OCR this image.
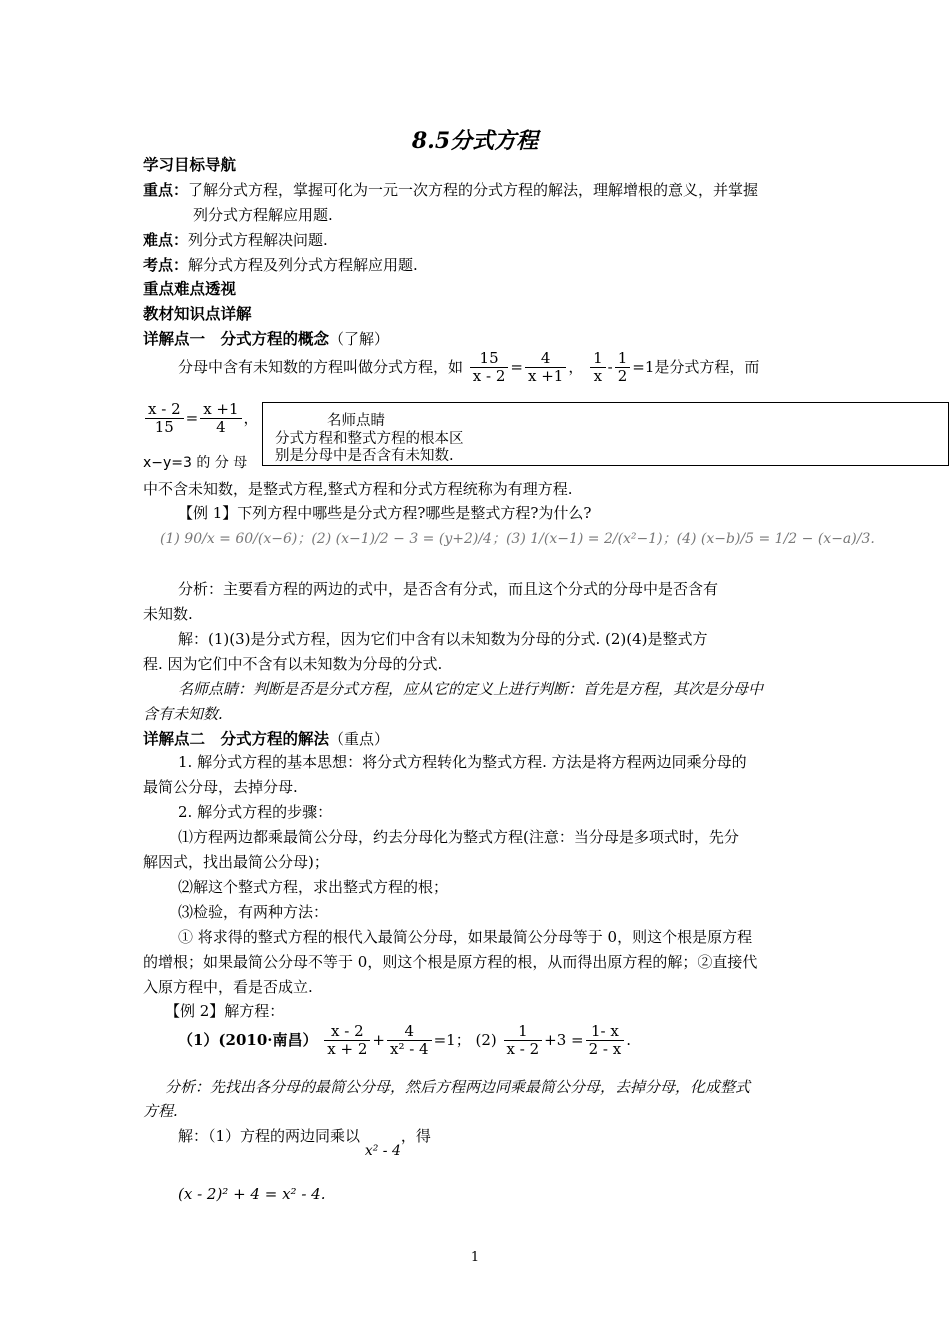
8.5分式方程
学习目标导航
重点：了解分式方程，掌握可化为一元一次方程的分式方程的解法，理解增根的意义，并掌握
列分式方程解应用题.
难点：列分式方程解决问题.
考点：解分式方程及列分式方程解应用题.
重点难点透视
教材知识点详解
详解点一　分式方程的概念（了解）
分母中含有未知数的方程叫做分式方程，如 $\frac{15}{x - 2} = \frac{4}{x +1}$ ， $\frac{1}{x} - \frac{1}{2} =1$是分式方程，而
$\frac{x - 2}{15} = \frac{x +1}{4}$ ，
x−y=3 的 分 母
名师点睛
分式方程和整式方程的根本区
别是分母中是否含有未知数.
中不含未知数，是整式方程,整式方程和分式方程统称为有理方程.
【例 1】下列方程中哪些是分式方程?哪些是整式方程?为什么?
(1) 90/x = 60/(x−6)；(2) (x−1)/2 − 3 = (y+2)/4；(3) 1/(x−1) = 2/(x²−1)；(4) (x−b)/5 = 1/2 − (x−a)/3.
分析：主要看方程的两边的式中，是否含有分式，而且这个分式的分母中是否含有
未知数.
解：(1)(3)是分式方程，因为它们中含有以未知数为分母的分式. (2)(4)是整式方
程. 因为它们中不含有以未知数为分母的分式.
名师点睛：判断是否是分式方程，应从它的定义上进行判断：首先是方程，其次是分母中
含有未知数.
详解点二　分式方程的解法（重点）
1. 解分式方程的基本思想：将分式方程转化为整式方程. 方法是将方程两边同乘分母的
最简公分母，去掉分母.
2. 解分式方程的步骤：
⑴方程两边都乘最简公分母，约去分母化为整式方程(注意：当分母是多项式时，先分
解因式，找出最简公分母)；
⑵解这个整式方程，求出整式方程的根；
⑶检验，有两种方法：
① 将求得的整式方程的根代入最简公分母，如果最简公分母等于 0，则这个根是原方程
的增根；如果最简公分母不等于 0，则这个根是原方程的根，从而得出原方程的解；②直接代
入原方程中，看是否成立.
【例 2】解方程：
（1）(2010·南昌） $\frac{x - 2}{x + 2} + \frac{4}{\text{x² - 4}} =1$； $(2) \frac{1}{x - 2} +3 = \frac{1- x}{2 - x}$ .
分析：先找出各分母的最简公分母，然后方程两边同乘最简公分母，去掉分母，化成整式
方程.
解：（1）方程的两边同乘以 x² - 4，得
(x - 2)² + 4 = x² - 4.
1
